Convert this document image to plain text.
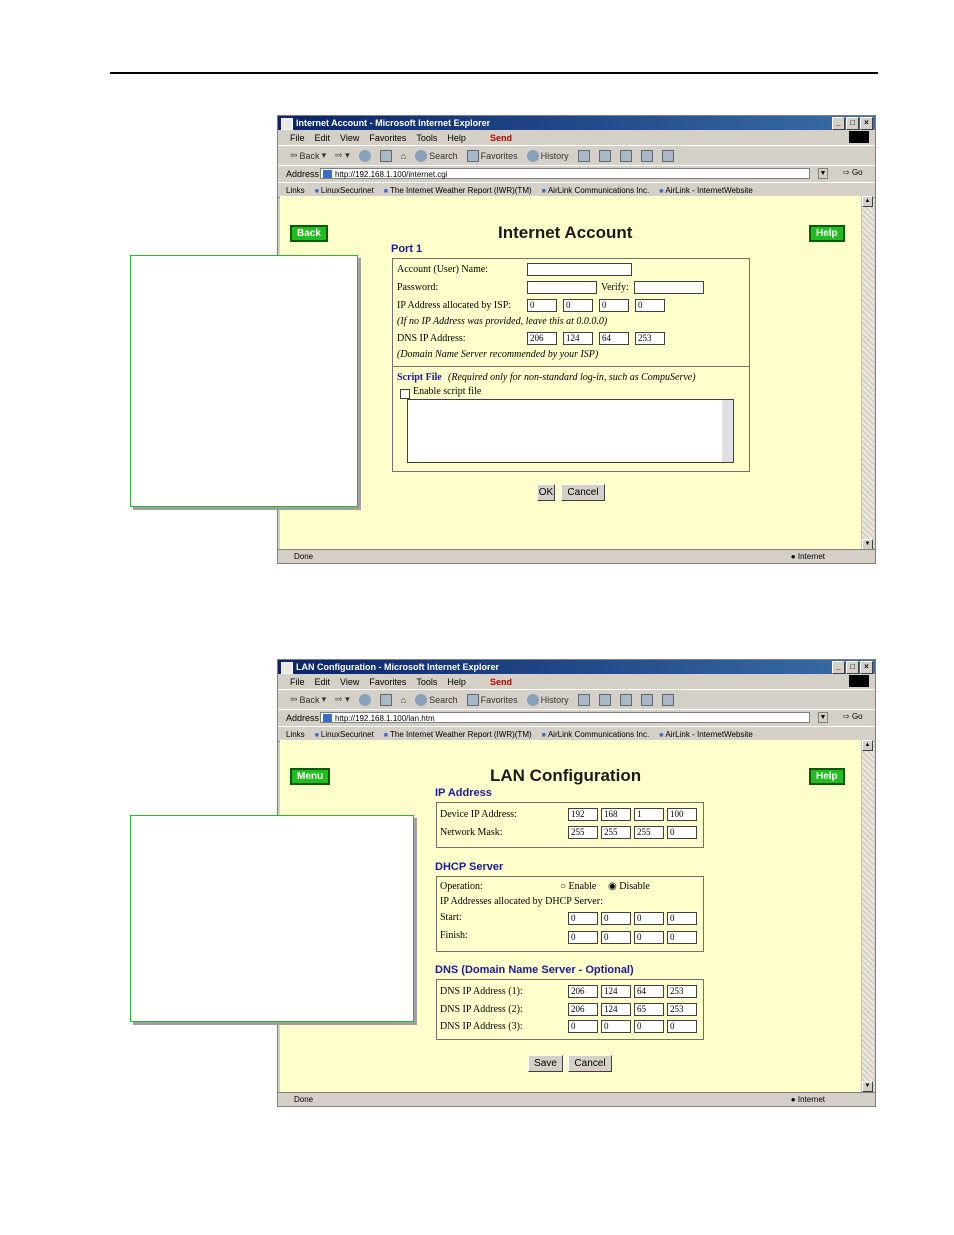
Internet Account - Microsoft Internet Explorer	_	□	×
File Edit View Favorites Tools Help	Send
⇦ Back ▾ ⇨ ▾	⌂	Search	Favorites	History
Address	http://192.168.1.100/internet.cgi	▼ ⇨ Go
Links	■ LinuxSecurinet	■ The Internet Weather Report (IWR)(TM)	■ AirLink Communications Inc.	■ AirLink - InternetWebsite
Back	Help
Internet Account
Port 1
Account (User) Name:
Password:	Verify:
IP Address allocated by ISP:	0	0	0	0
(If no IP Address was provided, leave this at 0.0.0.0)
DNS IP Address:	206	124	64	253
(Domain Name Server recommended by your ISP)
Script File (Required only for non-standard log-in, such as CompuServe)
Enable script file
OK	Cancel
▲
▼
Done	● Internet
LAN Configuration - Microsoft Internet Explorer	_	□	×
File Edit View Favorites Tools Help	Send
⇦ Back ▾ ⇨ ▾	⌂	Search	Favorites	History
Address	http://192.168.1.100/lan.htm	▼ ⇨ Go
Links	■ LinuxSecurinet	■ The Internet Weather Report (IWR)(TM)	■ AirLink Communications Inc.	■ AirLink - InternetWebsite
Menu	Help
LAN Configuration
IP Address
Device IP Address:	192	168	1	100
Network Mask:	255	255	255	0
DHCP Server
Operation:	○ Enable ◉ Disable
IP Addresses allocated by DHCP Server:
Start:	0	0	0	0
Finish:	0	0	0	0
DNS (Domain Name Server - Optional)
DNS IP Address (1):	206	124	64	253
DNS IP Address (2):	206	124	65	253
DNS IP Address (3):	0	0	0	0
Save	Cancel
▲
▼
Done	● Internet
